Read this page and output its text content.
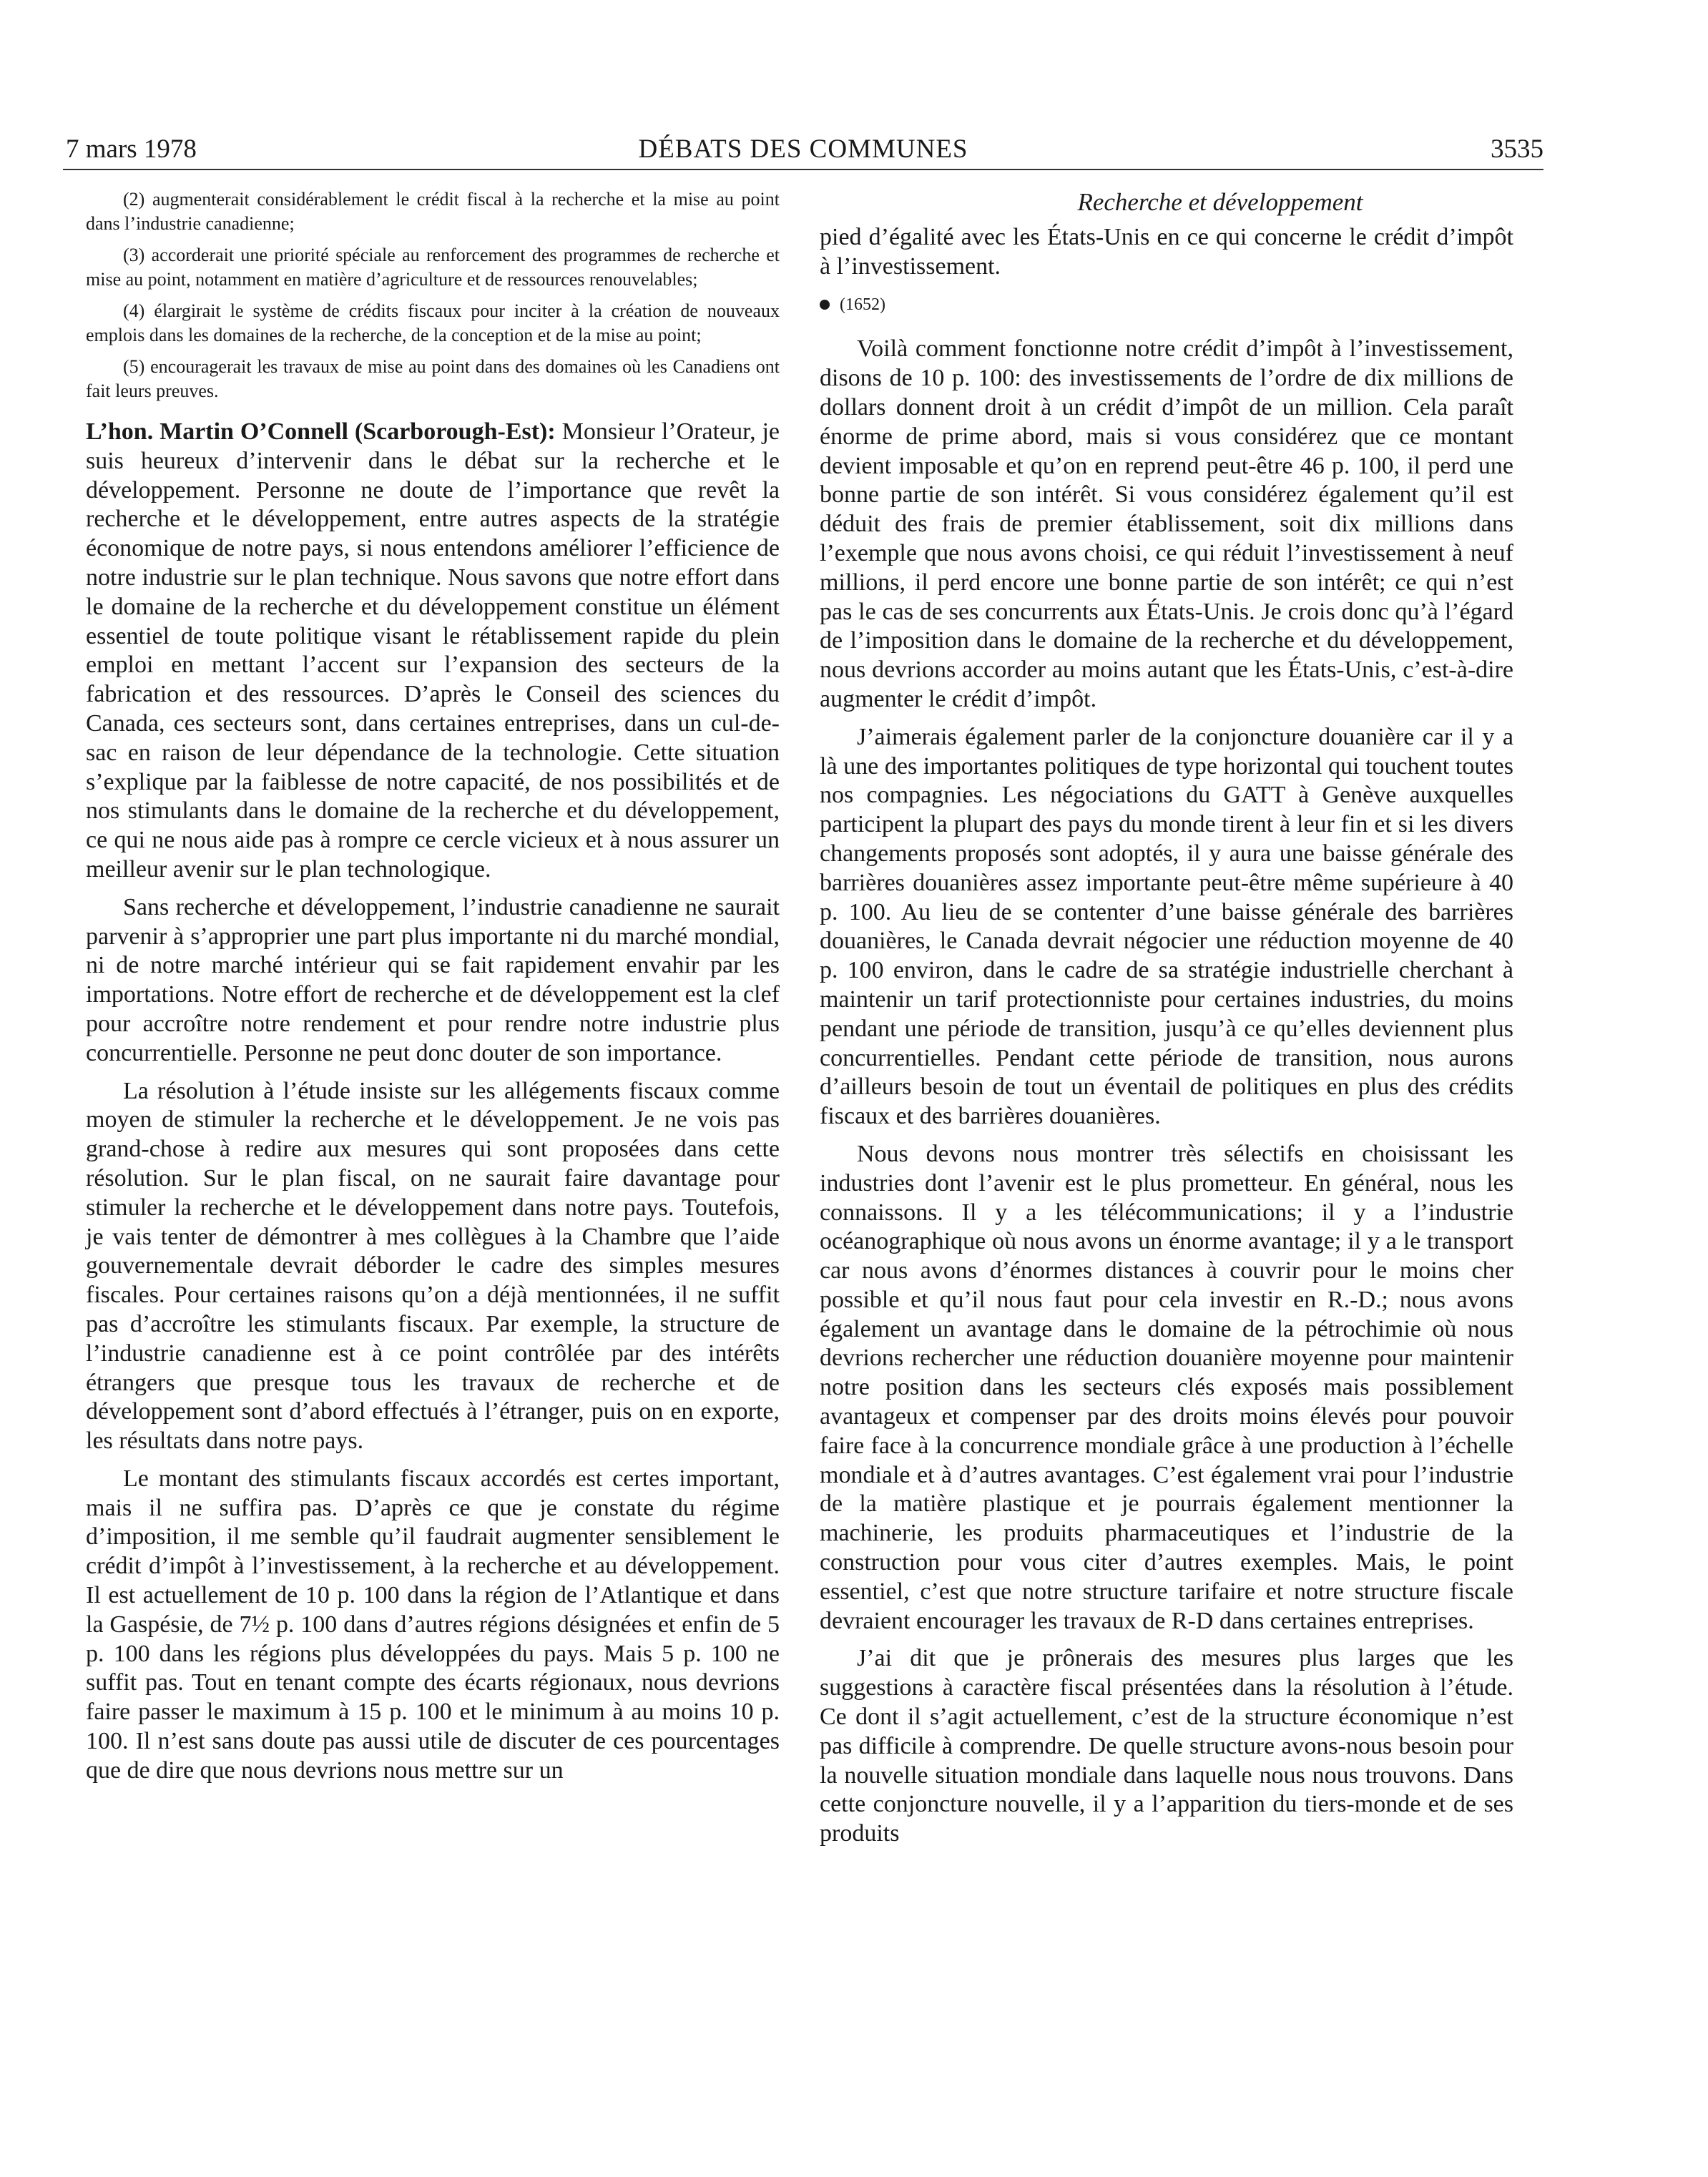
7 mars 1978	DÉBATS DES COMMUNES	3535

(2) augmenterait considérablement le crédit fiscal à la recherche et la mise au point dans l’industrie canadienne;

(3) accorderait une priorité spéciale au renforcement des programmes de recherche et mise au point, notamment en matière d’agriculture et de ressources renouvelables;

(4) élargirait le système de crédits fiscaux pour inciter à la création de nouveaux emplois dans les domaines de la recherche, de la conception et de la mise au point;

(5) encouragerait les travaux de mise au point dans des domaines où les Canadiens ont fait leurs preuves.

L’hon. Martin O’Connell (Scarborough-Est): Monsieur l’Orateur, je suis heureux d’intervenir dans le débat sur la recherche et le développement. Personne ne doute de l’importance que revêt la recherche et le développement, entre autres aspects de la stratégie économique de notre pays, si nous entendons améliorer l’efficience de notre industrie sur le plan technique. Nous savons que notre effort dans le domaine de la recherche et du développement constitue un élément essentiel de toute politique visant le rétablissement rapide du plein emploi en mettant l’accent sur l’expansion des secteurs de la fabrication et des ressources. D’après le Conseil des sciences du Canada, ces secteurs sont, dans certaines entreprises, dans un cul-de-sac en raison de leur dépendance de la technologie. Cette situation s’explique par la faiblesse de notre capacité, de nos possibilités et de nos stimulants dans le domaine de la recherche et du développement, ce qui ne nous aide pas à rompre ce cercle vicieux et à nous assurer un meilleur avenir sur le plan technologique.

Sans recherche et développement, l’industrie canadienne ne saurait parvenir à s’approprier une part plus importante ni du marché mondial, ni de notre marché intérieur qui se fait rapidement envahir par les importations. Notre effort de recherche et de développement est la clef pour accroître notre rendement et pour rendre notre industrie plus concurrentielle. Personne ne peut donc douter de son importance.

La résolution à l’étude insiste sur les allégements fiscaux comme moyen de stimuler la recherche et le développement. Je ne vois pas grand-chose à redire aux mesures qui sont proposées dans cette résolution. Sur le plan fiscal, on ne saurait faire davantage pour stimuler la recherche et le développement dans notre pays. Toutefois, je vais tenter de démontrer à mes collègues à la Chambre que l’aide gouvernementale devrait déborder le cadre des simples mesures fiscales. Pour certaines raisons qu’on a déjà mentionnées, il ne suffit pas d’accroître les stimulants fiscaux. Par exemple, la structure de l’industrie canadienne est à ce point contrôlée par des intérêts étrangers que presque tous les travaux de recherche et de développement sont d’abord effectués à l’étranger, puis on en exporte, les résultats dans notre pays.

Le montant des stimulants fiscaux accordés est certes important, mais il ne suffira pas. D’après ce que je constate du régime d’imposition, il me semble qu’il faudrait augmenter sensiblement le crédit d’impôt à l’investissement, à la recherche et au développement. Il est actuellement de 10 p. 100 dans la région de l’Atlantique et dans la Gaspésie, de 7½ p. 100 dans d’autres régions désignées et enfin de 5 p. 100 dans les régions plus développées du pays. Mais 5 p. 100 ne suffit pas. Tout en tenant compte des écarts régionaux, nous devrions faire passer le maximum à 15 p. 100 et le minimum à au moins 10 p. 100. Il n’est sans doute pas aussi utile de discuter de ces pourcentages que de dire que nous devrions nous mettre sur un

Recherche et développement

pied d’égalité avec les États-Unis en ce qui concerne le crédit d’impôt à l’investissement.

(1652)

Voilà comment fonctionne notre crédit d’impôt à l’investissement, disons de 10 p. 100: des investissements de l’ordre de dix millions de dollars donnent droit à un crédit d’impôt de un million. Cela paraît énorme de prime abord, mais si vous considérez que ce montant devient imposable et qu’on en reprend peut-être 46 p. 100, il perd une bonne partie de son intérêt. Si vous considérez également qu’il est déduit des frais de premier établissement, soit dix millions dans l’exemple que nous avons choisi, ce qui réduit l’investissement à neuf millions, il perd encore une bonne partie de son intérêt; ce qui n’est pas le cas de ses concurrents aux États-Unis. Je crois donc qu’à l’égard de l’imposition dans le domaine de la recherche et du développement, nous devrions accorder au moins autant que les États-Unis, c’est-à-dire augmenter le crédit d’impôt.

J’aimerais également parler de la conjoncture douanière car il y a là une des importantes politiques de type horizontal qui touchent toutes nos compagnies. Les négociations du GATT à Genève auxquelles participent la plupart des pays du monde tirent à leur fin et si les divers changements proposés sont adoptés, il y aura une baisse générale des barrières douanières assez importante peut-être même supérieure à 40 p. 100. Au lieu de se contenter d’une baisse générale des barrières douanières, le Canada devrait négocier une réduction moyenne de 40 p. 100 environ, dans le cadre de sa stratégie industrielle cherchant à maintenir un tarif protectionniste pour certaines industries, du moins pendant une période de transition, jusqu’à ce qu’elles deviennent plus concurrentielles. Pendant cette période de transition, nous aurons d’ailleurs besoin de tout un éventail de politiques en plus des crédits fiscaux et des barrières douanières.

Nous devons nous montrer très sélectifs en choisissant les industries dont l’avenir est le plus prometteur. En général, nous les connaissons. Il y a les télécommunications; il y a l’industrie océanographique où nous avons un énorme avantage; il y a le transport car nous avons d’énormes distances à couvrir pour le moins cher possible et qu’il nous faut pour cela investir en R.-D.; nous avons également un avantage dans le domaine de la pétrochimie où nous devrions rechercher une réduction douanière moyenne pour maintenir notre position dans les secteurs clés exposés mais possiblement avantageux et compenser par des droits moins élevés pour pouvoir faire face à la concurrence mondiale grâce à une production à l’échelle mondiale et à d’autres avantages. C’est également vrai pour l’industrie de la matière plastique et je pourrais également mentionner la machinerie, les produits pharmaceutiques et l’industrie de la construction pour vous citer d’autres exemples. Mais, le point essentiel, c’est que notre structure tarifaire et notre structure fiscale devraient encourager les travaux de R-D dans certaines entreprises.

J’ai dit que je prônerais des mesures plus larges que les suggestions à caractère fiscal présentées dans la résolution à l’étude. Ce dont il s’agit actuellement, c’est de la structure économique n’est pas difficile à comprendre. De quelle structure avons-nous besoin pour la nouvelle situation mondiale dans laquelle nous nous trouvons. Dans cette conjoncture nouvelle, il y a l’apparition du tiers-monde et de ses produits
